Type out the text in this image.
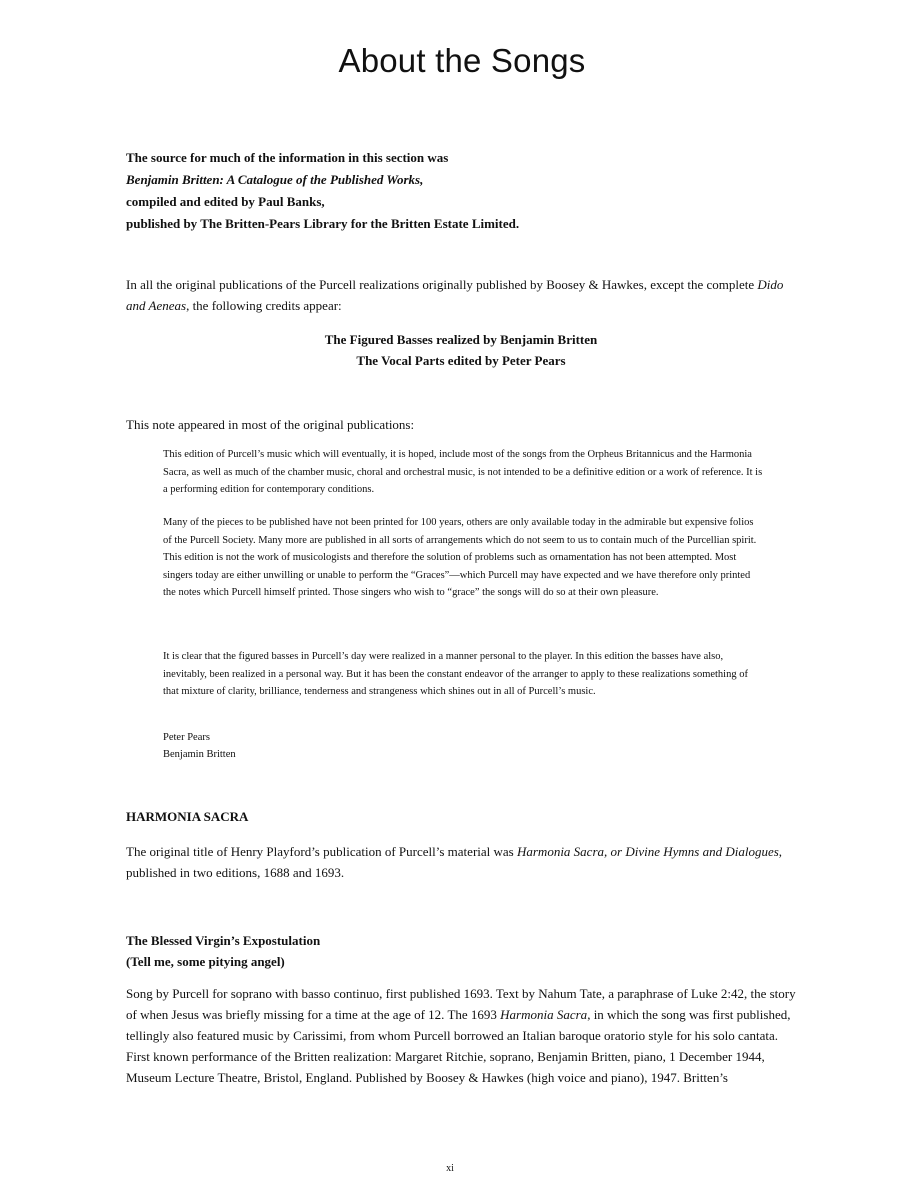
About the Songs
The source for much of the information in this section was
Benjamin Britten: A Catalogue of the Published Works,
compiled and edited by Paul Banks,
published by The Britten-Pears Library for the Britten Estate Limited.
In all the original publications of the Purcell realizations originally published by Boosey & Hawkes, except the complete Dido and Aeneas, the following credits appear:
The Figured Basses realized by Benjamin Britten
The Vocal Parts edited by Peter Pears
This note appeared in most of the original publications:
This edition of Purcell’s music which will eventually, it is hoped, include most of the songs from the Orpheus Britannicus and the Harmonia Sacra, as well as much of the chamber music, choral and orchestral music, is not intended to be a definitive edition or a work of reference. It is a performing edition for contemporary conditions.
Many of the pieces to be published have not been printed for 100 years, others are only available today in the admirable but expensive folios of the Purcell Society. Many more are published in all sorts of arrangements which do not seem to us to contain much of the Purcellian spirit. This edition is not the work of musicologists and therefore the solution of problems such as ornamentation has not been attempted. Most singers today are either unwilling or unable to perform the “Graces”—which Purcell may have expected and we have therefore only printed the notes which Purcell himself printed. Those singers who wish to “grace” the songs will do so at their own pleasure.
It is clear that the figured basses in Purcell’s day were realized in a manner personal to the player. In this edition the basses have also, inevitably, been realized in a personal way. But it has been the constant endeavor of the arranger to apply to these realizations something of that mixture of clarity, brilliance, tenderness and strangeness which shines out in all of Purcell’s music.
Peter Pears
Benjamin Britten
HARMONIA SACRA
The original title of Henry Playford’s publication of Purcell’s material was Harmonia Sacra, or Divine Hymns and Dialogues, published in two editions, 1688 and 1693.
The Blessed Virgin’s Expostulation
(Tell me, some pitying angel)
Song by Purcell for soprano with basso continuo, first published 1693. Text by Nahum Tate, a paraphrase of Luke 2:42, the story of when Jesus was briefly missing for a time at the age of 12. The 1693 Harmonia Sacra, in which the song was first published, tellingly also featured music by Carissimi, from whom Purcell borrowed an Italian baroque oratorio style for his solo cantata. First known performance of the Britten realization: Margaret Ritchie, soprano, Benjamin Britten, piano, 1 December 1944, Museum Lecture Theatre, Bristol, England. Published by Boosey & Hawkes (high voice and piano), 1947. Britten’s
xi
